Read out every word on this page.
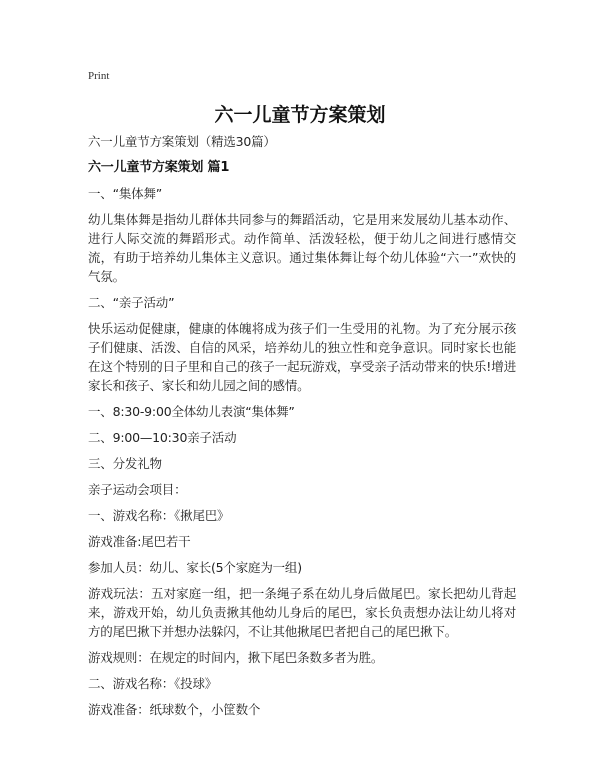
Print
六一儿童节方案策划

六一儿童节方案策划（精选30篇）

六一儿童节方案策划 篇1

一、“集体舞”

幼儿集体舞是指幼儿群体共同参与的舞蹈活动，它是用来发展幼儿基本动作、进行人际交流的舞蹈形式。动作简单、活泼轻松，便于幼儿之间进行感情交流，有助于培养幼儿集体主义意识。通过集体舞让每个幼儿体验“六一”欢快的气氛。

二、“亲子活动”

快乐运动促健康，健康的体魄将成为孩子们一生受用的礼物。为了充分展示孩子们健康、活泼、自信的风采，培养幼儿的独立性和竞争意识。同时家长也能在这个特别的日子里和自己的孩子一起玩游戏，享受亲子活动带来的快乐!增进家长和孩子、家长和幼儿园之间的感情。

一、8:30-9:00全体幼儿表演“集体舞”

二、9:00—10:30亲子活动

三、分发礼物

亲子运动会项目：

一、游戏名称：《揪尾巴》

游戏准备:尾巴若干

参加人员：幼儿、家长(5个家庭为一组)

游戏玩法：五对家庭一组，把一条绳子系在幼儿身后做尾巴。家长把幼儿背起来，游戏开始，幼儿负责揪其他幼儿身后的尾巴，家长负责想办法让幼儿将对方的尾巴揪下并想办法躲闪，不让其他揪尾巴者把自己的尾巴揪下。

游戏规则：在规定的时间内，揪下尾巴条数多者为胜。

二、游戏名称：《投球》

游戏准备：纸球数个，小筐数个
